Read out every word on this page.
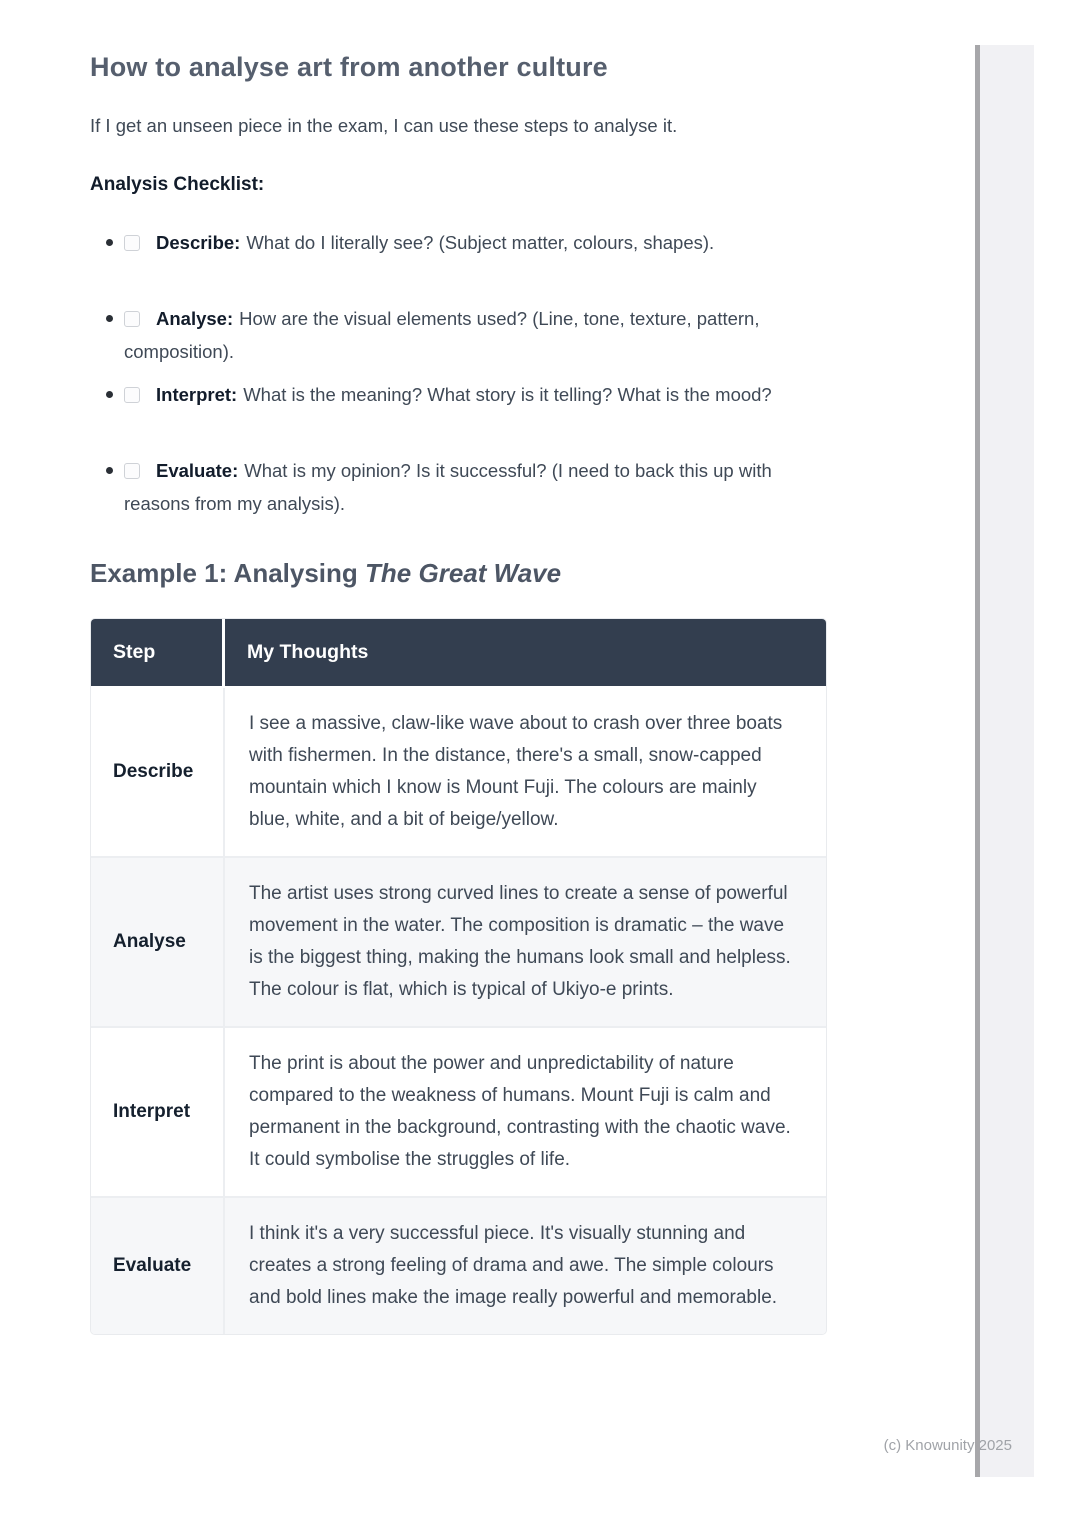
How to analyse art from another culture

If I get an unseen piece in the exam, I can use these steps to analyse it.

Analysis Checklist:

Describe: What do I literally see? (Subject matter, colours, shapes).
Analyse: How are the visual elements used? (Line, tone, texture, pattern, composition).
Interpret: What is the meaning? What story is it telling? What is the mood?
Evaluate: What is my opinion? Is it successful? (I need to back this up with reasons from my analysis).
Example 1: Analysing The Great Wave
Step	My Thoughts
Describe	I see a massive, claw-like wave about to crash over three boats with fishermen. In the distance, there's a small, snow-capped mountain which I know is Mount Fuji. The colours are mainly blue, white, and a bit of beige/yellow.
Analyse	The artist uses strong curved lines to create a sense of powerful movement in the water. The composition is dramatic – the wave is the biggest thing, making the humans look small and helpless. The colour is flat, which is typical of Ukiyo-e prints.
Interpret	The print is about the power and unpredictability of nature compared to the weakness of humans. Mount Fuji is calm and permanent in the background, contrasting with the chaotic wave. It could symbolise the struggles of life.
Evaluate	I think it's a very successful piece. It's visually stunning and creates a strong feeling of drama and awe. The simple colours and bold lines make the image really powerful and memorable.
(c) Knowunity 2025
